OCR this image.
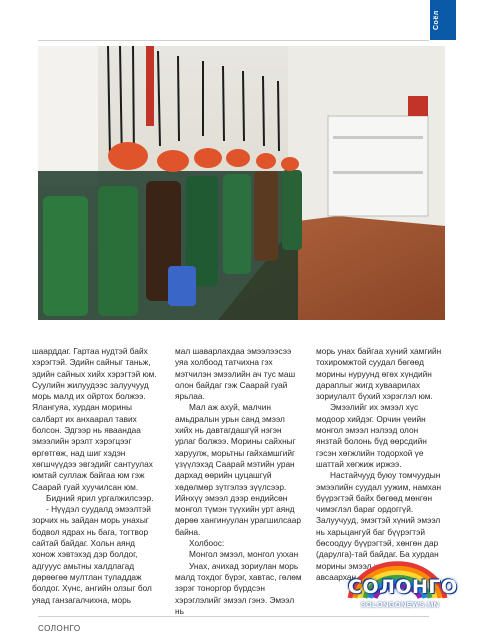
Соёл

шаарддаг. Гартаа нудтэй байх хэрэгтэй. Эдийн сайныг таньж, эдийн сайных хийх хэрэгтэй юм. Суулийн жилуудээс залуучууд морь малд их ойртох болжээ. Ялангуяа, хурдан морины салбарт их анхаарал тавих болсон. Эдгээр нь яваандаа эмээлийн эрэлт хэрэгцээг өргөтгөж, над шиг хэдэн хөгшчүүдээ эвгэдийг сантуулах юмтай суллаж байгаа юм гэж Саарай гуай хуучилсан юм.

Бидний ярил ургалжилсээр.

- Нүүдэл суудалд эмээлтэй зорчих нь зайдан морь унахыг бодвол ядрах нь бага, тогтвор сайтай байдаг. Хольн аянд хонож хэвтэхэд дэр болдог, адгууус амьтны халдлагад дөрөөгөө мултлан туладдаж болдог. Хүнс, ангийн олзыг бол уяад ганзагалчихна, морь

мал шаварлахдаа эмээлээсээ уяа холбоод татчихна гэх мэтчилэн эмээлийн ач тус маш олон байдаг гэж Саарай гуай ярьлаа.

Мал аж ахуй, малчин амьдралын урьн санд эмээл хийх нь давтагдашгүй нэгэн урлаг болжээ. Морины сайхныг харуулж, морьтны гайхамшгийг үзүүлэхэд Саарай мэтийн уран дархад өөрийн цуцашгүй хөдөлмөр зүтгэлээ зүүлсээр. Ийнхүү эмээл дээр ендийсөн монгол түмэн түүхийн урт аянд дөрөө хангинуулан урагшилсаар байна.

Холбоос:

Монгол эмээл, монгол уххан

Унах, ачихад зориулан морь малд тохдог бүрэг, хавтас, гөлөм зэрэг тоноргор бүрдсэн хэрэглэлийг эмээл гэнэ. Эмээл нь

морь унах байгаа хүний хамгийн тохиромжтой суудал бөгөөд морины нуруунд өгөх хүндийн дараплыг жигд хуваарилах зориулалт бүхий хэрэглэл юм.

Эмээлийг их эмээл хүс модоор хийдэг. Орчин үеийн монгол эмээл нэлээд олон янзтай болонь бүд өөрсдийн гэсэн хөгжлийн тодорхой үе шаттай хөгжиж иржээ.

Настайчууд буюу томчуудын эмээлийн суудал уужим, намхан бүүрэгтэй байх бөгөөд мөнгөн чимэглэл бараг ордоггүй. Залуучууд, эмэгтэй хүний эмээл нь харьцангуй баг бүүрэгтэй бөсоодуу бүүрэгтэй, хөнгөн дар (дарулга)-тай байдаг. Ба хурдан морины эмээл хөнгөн, авсаархан ...

СОЛОНГО
СОЛОНГО
SOLONGONEWS.MN
